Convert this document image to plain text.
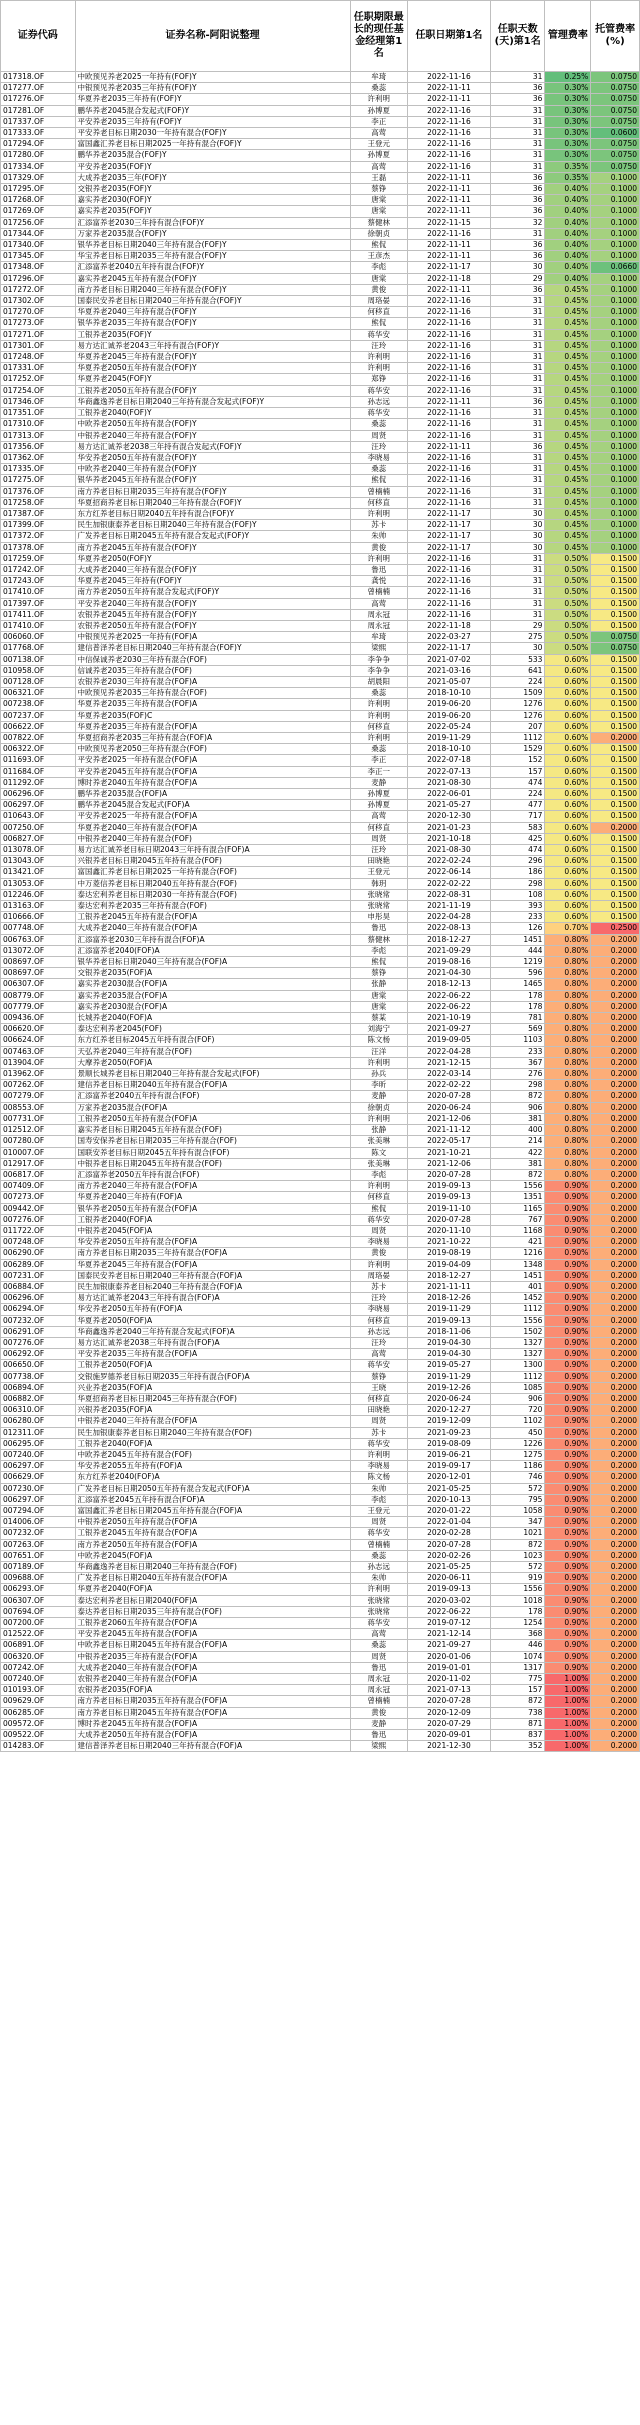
证券代码	证券名称-阿阳说整理	任职期限最长的现任基金经理第1名	任职日期第1名	任职天数(天)第1名	管理费率	托管费率(%)
017318.OF	中欧预见养老2025一年持有(FOF)Y	牟琦	2022-11-16	31	0.25%	0.0750
017277.OF	中银预见养老2035三年持有(FOF)Y	桑蕊	2022-11-11	36	0.30%	0.0750
017276.OF	华夏养老2035三年持有(FOF)Y	许利明	2022-11-11	36	0.30%	0.0750
017281.OF	鹏华养老2045混合发起式(FOF)Y	孙博夏	2022-11-16	31	0.30%	0.0750
017337.OF	平安养老2035三年持有(FOF)Y	李正	2022-11-16	31	0.30%	0.0750
017333.OF	平安养老目标日期2030一年持有混合(FOF)Y	高莺	2022-11-16	31	0.30%	0.0600
017294.OF	富国鑫汇养老目标日期2025一年持有混合(FOF)Y	王登元	2022-11-16	31	0.30%	0.0750
017280.OF	鹏华养老2035混合(FOF)Y	孙博夏	2022-11-16	31	0.30%	0.0750
017334.OF	平安养老2035(FOF)Y	高莺	2022-11-16	31	0.35%	0.0750
017329.OF	大成养老2035三年(FOF)Y	王磊	2022-11-11	36	0.35%	0.1000
017295.OF	交银养老2035(FOF)Y	蔡铮	2022-11-11	36	0.40%	0.1000
017268.OF	嘉实养老2030(FOF)Y	唐棠	2022-11-11	36	0.40%	0.1000
017269.OF	嘉实养老2035(FOF)Y	唐棠	2022-11-11	36	0.40%	0.1000
017256.OF	汇添富养老2030三年持有混合(FOF)Y	蔡健林	2022-11-15	32	0.40%	0.1000
017344.OF	万家养老2035混合(FOF)Y	徐朝贞	2022-11-16	31	0.40%	0.1000
017340.OF	银华养老目标日期2040三年持有混合(FOF)Y	熊侃	2022-11-11	36	0.40%	0.1000
017345.OF	华宝养老目标日期2035三年持有混合(FOF)Y	王彦杰	2022-11-11	36	0.40%	0.1000
017348.OF	汇添富养老2040五年持有混合(FOF)Y	李彪	2022-11-17	30	0.40%	0.0660
017296.OF	嘉实养老2045五年持有混合(FOF)Y	唐棠	2022-11-18	29	0.40%	0.1000
017272.OF	南方养老目标日期2040三年持有混合(FOF)Y	黄俊	2022-11-11	36	0.45%	0.1000
017302.OF	国泰民安养老目标日期2040三年持有混合(FOF)Y	周珞晏	2022-11-16	31	0.45%	0.1000
017270.OF	华夏养老2040三年持有混合(FOF)Y	何移直	2022-11-16	31	0.45%	0.1000
017273.OF	银华养老2035三年持有混合(FOF)Y	熊侃	2022-11-16	31	0.45%	0.1000
017271.OF	工银养老2035(FOF)Y	蒋华安	2022-11-16	31	0.45%	0.1000
017301.OF	易方达汇诚养老2043三年持有混合(FOF)Y	汪玲	2022-11-16	31	0.45%	0.1000
017248.OF	华夏养老2045三年持有混合(FOF)Y	许利明	2022-11-16	31	0.45%	0.1000
017331.OF	华夏养老2050五年持有混合(FOF)Y	许利明	2022-11-16	31	0.45%	0.1000
017252.OF	华夏养老2045(FOF)Y	郑铮	2022-11-16	31	0.45%	0.1000
017254.OF	工银养老2050五年持有混合(FOF)Y	蒋华安	2022-11-16	31	0.45%	0.1000
017346.OF	华商鑫逸养老目标日期2040三年持有混合发起式(FOF)Y	孙志远	2022-11-11	36	0.45%	0.1000
017351.OF	工银养老2040(FOF)Y	蒋华安	2022-11-16	31	0.45%	0.1000
017310.OF	中欧养老2050五年持有混合(FOF)Y	桑蕊	2022-11-16	31	0.45%	0.1000
017313.OF	中银养老2040三年持有混合(FOF)Y	周贤	2022-11-16	31	0.45%	0.1000
017356.OF	易方达汇诚养老2038三年持有混合发起式(FOF)Y	汪玲	2022-11-11	36	0.45%	0.1000
017362.OF	华安养老2050五年持有混合(FOF)Y	李晓易	2022-11-16	31	0.45%	0.1000
017335.OF	中欧养老2040三年持有混合(FOF)Y	桑蕊	2022-11-16	31	0.45%	0.1000
017275.OF	银华养老2045五年持有混合(FOF)Y	熊侃	2022-11-16	31	0.45%	0.1000
017376.OF	南方养老目标日期2035三年持有混合(FOF)Y	曾楠楠	2022-11-16	31	0.45%	0.1000
017258.OF	华夏招商养老目标日期2040三年持有混合(FOF)Y	何移直	2022-11-16	31	0.45%	0.1000
017387.OF	东方红养老目标日期2040五年持有混合(FOF)Y	许利明	2022-11-17	30	0.45%	0.1000
017399.OF	民生加银康泰养老目标日期2040三年持有混合(FOF)Y	苏卡	2022-11-17	30	0.45%	0.1000
017372.OF	广发养老目标日期2045五年持有混合发起式(FOF)Y	朱帅	2022-11-17	30	0.45%	0.1000
017378.OF	南方养老2045五年持有混合(FOF)Y	黄俊	2022-11-17	30	0.45%	0.1000
017259.OF	华夏养老2050(FOF)Y	许利明	2022-11-16	31	0.50%	0.1500
017242.OF	大成养老2040三年持有混合(FOF)Y	鲁迅	2022-11-16	31	0.50%	0.1500
017243.OF	华夏养老2045三年持有(FOF)Y	龚悦	2022-11-16	31	0.50%	0.1500
017410.OF	南方养老2050五年持有混合发起式(FOF)Y	曾楠楠	2022-11-16	31	0.50%	0.1500
017397.OF	平安养老2040三年持有混合(FOF)Y	高莺	2022-11-16	31	0.50%	0.1500
017411.OF	农银养老2045五年持有混合(FOF)Y	周永冠	2022-11-16	31	0.50%	0.1500
017410.OF	农银养老2050五年持有混合(FOF)Y	周永冠	2022-11-18	29	0.50%	0.1500
006060.OF	中银预见养老2025一年持有(FOF)A	牟琦	2022-03-27	275	0.50%	0.0750
017768.OF	建信普泽养老目标日期2040三年持有混合(FOF)Y	梁熙	2022-11-17	30	0.50%	0.0750
007138.OF	中信保诚养老2030三年持有混合(FOF)	李争争	2021-07-02	533	0.60%	0.1500
010958.OF	信诚养老2035三年持有混合(FOF)	李争争	2021-03-16	641	0.60%	0.1500
007128.OF	农银养老2030三年持有混合(FOF)A	胡晨阳	2021-05-07	224	0.60%	0.1500
006321.OF	中欧预见养老2035三年持有混合(FOF)	桑蕊	2018-10-10	1509	0.60%	0.1500
007238.OF	华夏养老2035三年持有混合(FOF)A	许利明	2019-06-20	1276	0.60%	0.1500
007237.OF	华夏养老2035(FOF)C	许利明	2019-06-20	1276	0.60%	0.1500
006622.OF	华夏养老2035三年持有混合(FOF)A	何移直	2022-05-24	207	0.60%	0.1500
007822.OF	华夏招商养老2035三年持有混合(FOF)A	许利明	2019-11-29	1112	0.60%	0.2000
006322.OF	中欧预见养老2050三年持有混合(FOF)	桑蕊	2018-10-10	1529	0.60%	0.1500
011693.OF	平安养老2025一年持有混合(FOF)A	李正	2022-07-18	152	0.60%	0.1500
011684.OF	平安养老2045五年持有混合(FOF)A	李正一	2022-07-13	157	0.60%	0.1500
011292.OF	博时养老2040五年持有混合(FOF)A	麦静	2021-08-30	474	0.60%	0.1500
006296.OF	鹏华养老2035混合(FOF)A	孙博夏	2022-06-01	224	0.60%	0.1500
006297.OF	鹏华养老2045混合发起式(FOF)A	孙博夏	2021-05-27	477	0.60%	0.1500
010643.OF	平安养老2025一年持有混合(FOF)A	高莺	2020-12-30	717	0.60%	0.1500
007250.OF	华夏养老2040三年持有混合(FOF)A	何移直	2021-01-23	583	0.60%	0.2000
006827.OF	中银养老2040三年持有混合(FOF)	周贤	2021-10-18	425	0.60%	0.1500
013078.OF	易方达汇诚养老目标日期2043三年持有混合(FOF)A	汪玲	2021-08-30	474	0.60%	0.1500
013043.OF	兴银养老目标日期2045五年持有混合(FOF)	田晓艳	2022-02-24	296	0.60%	0.1500
013421.OF	富国鑫汇养老目标日期2025一年持有混合(FOF)	王登元	2022-06-14	186	0.60%	0.1500
013053.OF	中万菱信养老目标日期2040五年持有混合(FOF)	韩玥	2022-02-22	298	0.60%	0.1500
012246.OF	泰达宏利养老目标日期2030一年持有混合(FOF)	张晓常	2022-08-31	108	0.60%	0.1500
013163.OF	泰达宏利养老2035三年持有混合(FOF)	张晓常	2021-11-19	393	0.60%	0.1500
010666.OF	工银养老2045五年持有混合(FOF)A	申彤昊	2022-04-28	233	0.60%	0.1500
007748.OF	大成养老2040三年持有混合(FOF)A	鲁迅	2022-08-13	126	0.70%	0.2500
006763.OF	汇添富养老2030三年持有混合(FOF)A	蔡健林	2018-12-27	1451	0.80%	0.2000
013072.OF	汇添富养老2040(FOF)A	李彪	2021-09-29	444	0.80%	0.2000
008697.OF	银华养老目标日期2040三年持有混合(FOF)A	熊侃	2019-08-16	1219	0.80%	0.2000
008697.OF	交银养老2035(FOF)A	蔡铮	2021-04-30	596	0.80%	0.2000
006307.OF	嘉实养老2030混合(FOF)A	张静	2018-12-13	1465	0.80%	0.2000
008779.OF	嘉实养老2035混合(FOF)A	唐棠	2022-06-22	178	0.80%	0.2000
007779.OF	嘉实养老2030混合(FOF)A	唐棠	2022-06-22	178	0.80%	0.2000
009436.OF	长城养老2040(FOF)A	蔡某	2021-10-19	781	0.80%	0.2000
006620.OF	泰达宏利养老2045(FOF)	刘海宁	2021-09-27	569	0.80%	0.2000
006624.OF	东方红养老目标2045五年持有混合(FOF)	陈文杨	2019-09-05	1103	0.80%	0.2000
007463.OF	天弘养老2040三年持有混合(FOF)	汪洋	2022-04-28	233	0.80%	0.2000
013904.OF	大摩养老2050(FOF)A	许利明	2021-12-15	367	0.80%	0.2000
013962.OF	景顺长城养老目标日期2040三年持有混合发起式(FOF)	孙兵	2022-03-14	276	0.80%	0.2000
007262.OF	建信养老目标日期2040五年持有混合(FOF)A	李昕	2022-02-22	298	0.80%	0.2000
007279.OF	汇添富养老2040五年持有混合(FOF)	麦静	2020-07-28	872	0.80%	0.2000
008553.OF	万家养老2035混合(FOF)A	徐朝贞	2020-06-24	906	0.80%	0.2000
007731.OF	工银养老2050五年持有混合(FOF)A	许利明	2021-12-06	381	0.80%	0.2000
012512.OF	嘉实养老目标日期2045五年持有混合(FOF)	张静	2021-11-12	400	0.80%	0.2000
007280.OF	国寿安保养老目标日期2035三年持有混合(FOF)	张美琳	2022-05-17	214	0.80%	0.2000
010007.OF	国联安养老目标日期2045五年持有混合(FOF)	陈文	2021-10-21	422	0.80%	0.2000
012917.OF	中银养老目标日期2045五年持有混合(FOF)	张美琳	2021-12-06	381	0.80%	0.2000
006817.OF	汇添富养老2050五年持有混合(FOF)	李彪	2020-07-28	872	0.80%	0.2000
007409.OF	南方养老2040三年持有混合(FOF)A	许利明	2019-09-13	1556	0.90%	0.2000
007273.OF	华夏养老2040三年持有(FOF)A	何移直	2019-09-13	1351	0.90%	0.2000
009442.OF	银华养老2050五年持有混合(FOF)A	熊侃	2019-11-10	1165	0.90%	0.2000
007276.OF	工银养老2040(FOF)A	蒋华安	2020-07-28	767	0.90%	0.2000
011722.OF	中银养老2045(FOF)A	周贤	2020-11-10	1168	0.90%	0.2000
007248.OF	华安养老2050五年持有混合(FOF)A	李晓易	2021-10-22	421	0.90%	0.2000
006290.OF	南方养老目标日期2035三年持有混合(FOF)A	黄俊	2019-08-19	1216	0.90%	0.2000
006289.OF	华夏养老2045三年持有混合(FOF)A	许利明	2019-04-09	1348	0.90%	0.2000
007231.OF	国泰民安养老目标日期2040三年持有混合(FOF)A	周珞晏	2018-12-27	1451	0.90%	0.2000
006884.OF	民生加银康泰养老目标2040三年持有混合(FOF)A	苏卡	2021-11-11	401	0.90%	0.2000
006296.OF	易方达汇诚养老2043三年持有混合(FOF)A	汪玲	2018-12-26	1452	0.90%	0.2000
006294.OF	华安养老2050五年持有(FOF)A	李晓易	2019-11-29	1112	0.90%	0.2000
007232.OF	华夏养老2050(FOF)A	何移直	2019-09-13	1556	0.90%	0.2000
006291.OF	华商鑫逸养老2040三年持有混合发起式(FOF)A	孙志远	2018-11-06	1502	0.90%	0.2000
007276.OF	易方达汇诚养老2038三年持有混合(FOF)A	汪玲	2019-04-30	1327	0.90%	0.2000
006292.OF	平安养老2035三年持有混合(FOF)A	高莺	2019-04-30	1327	0.90%	0.2000
006650.OF	工银养老2050(FOF)A	蒋华安	2019-05-27	1300	0.90%	0.2000
007738.OF	交银施罗德养老目标日期2035三年持有混合(FOF)A	蔡铮	2019-11-29	1112	0.90%	0.2000
006894.OF	兴业养老2035(FOF)A	王晓	2019-12-26	1085	0.90%	0.2000
006882.OF	华夏招商养老目标日期2045三年持有混合(FOF)	何移直	2020-06-24	906	0.90%	0.2000
006310.OF	兴银养老2035(FOF)A	田晓艳	2020-12-27	720	0.90%	0.2000
006280.OF	中银养老2040三年持有混合(FOF)A	周贤	2019-12-09	1102	0.90%	0.2000
012311.OF	民生加银康泰养老目标日期2040三年持有混合(FOF)	苏卡	2021-09-23	450	0.90%	0.2000
006295.OF	工银养老2040(FOF)A	蒋华安	2019-08-09	1226	0.90%	0.2000
007240.OF	中欧养老2045五年持有混合(FOF)	许利明	2019-06-21	1275	0.90%	0.2000
006297.OF	华安养老2055五年持有(FOF)A	李晓易	2019-09-17	1186	0.90%	0.2000
006629.OF	东方红养老2040(FOF)A	陈文杨	2020-12-01	746	0.90%	0.2000
007230.OF	广发养老目标日期2050五年持有混合发起式(FOF)A	朱帅	2021-05-25	572	0.90%	0.2000
006297.OF	汇添富养老2045五年持有混合(FOF)A	李彪	2020-10-13	795	0.90%	0.2000
007294.OF	富国鑫汇养老目标日期2045五年持有混合(FOF)A	王登元	2020-01-22	1058	0.90%	0.2000
014006.OF	中银养老2050五年持有混合(FOF)A	周贤	2022-01-04	347	0.90%	0.2000
007232.OF	工银养老2045五年持有混合(FOF)A	蒋华安	2020-02-28	1021	0.90%	0.2000
007263.OF	南方养老2050五年持有混合(FOF)A	曾楠楠	2020-07-28	872	0.90%	0.2000
007651.OF	中欧养老2045(FOF)A	桑蕊	2020-02-26	1023	0.90%	0.2000
007189.OF	华商鑫逸养老目标日期2040三年持有混合(FOF)	孙志远	2021-05-25	572	0.90%	0.2000
009688.OF	广发养老目标日期2040五年持有混合(FOF)A	朱帅	2020-06-11	919	0.90%	0.2000
006293.OF	华夏养老2040(FOF)A	许利明	2019-09-13	1556	0.90%	0.2000
006307.OF	泰达宏利养老目标日期2040(FOF)A	张晓常	2020-03-02	1018	0.90%	0.2000
007694.OF	泰达养老目标日期2035三年持有混合(FOF)	张晓常	2022-06-22	178	0.90%	0.2000
007200.OF	工银养老2060五年持有混合(FOF)A	蒋华安	2019-07-12	1254	0.90%	0.2000
012522.OF	平安养老2045五年持有混合(FOF)A	高莺	2021-12-14	368	0.90%	0.2000
006891.OF	中欧养老目标日期2045五年持有混合(FOF)A	桑蕊	2021-09-27	446	0.90%	0.2000
006320.OF	中银养老2035三年持有混合(FOF)A	周贤	2020-01-06	1074	0.90%	0.2000
007242.OF	大成养老2040三年持有混合(FOF)A	鲁迅	2019-01-01	1317	0.90%	0.2000
007240.OF	农银养老2040三年持有混合(FOF)A	周永冠	2020-11-02	775	1.00%	0.2000
010193.OF	农银养老2035(FOF)A	周永冠	2021-07-13	157	1.00%	0.2000
009629.OF	南方养老目标日期2035五年持有混合(FOF)A	曾楠楠	2020-07-28	872	1.00%	0.2000
006285.OF	南方养老目标日期2045五年持有混合(FOF)A	黄俊	2020-12-09	738	1.00%	0.2000
009572.OF	博时养老2045五年持有混合(FOF)A	麦静	2020-07-29	871	1.00%	0.2000
009522.OF	大成养老2050五年持有混合(FOF)A	鲁迅	2020-09-01	837	1.00%	0.2000
014283.OF	建信普泽养老目标日期2040三年持有混合(FOF)A	梁熙	2021-12-30	352	1.00%	0.2000
